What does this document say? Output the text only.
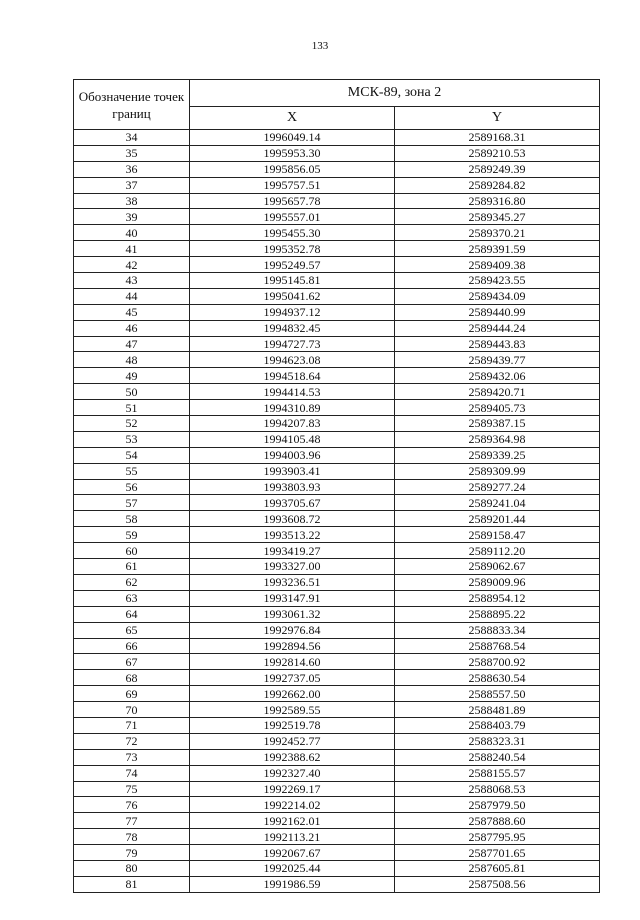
133
Обозначение точек границ	МСК-89, зона 2	
	X	Y
34	1996049.14	2589168.31
35	1995953.30	2589210.53
36	1995856.05	2589249.39
37	1995757.51	2589284.82
38	1995657.78	2589316.80
39	1995557.01	2589345.27
40	1995455.30	2589370.21
41	1995352.78	2589391.59
42	1995249.57	2589409.38
43	1995145.81	2589423.55
44	1995041.62	2589434.09
45	1994937.12	2589440.99
46	1994832.45	2589444.24
47	1994727.73	2589443.83
48	1994623.08	2589439.77
49	1994518.64	2589432.06
50	1994414.53	2589420.71
51	1994310.89	2589405.73
52	1994207.83	2589387.15
53	1994105.48	2589364.98
54	1994003.96	2589339.25
55	1993903.41	2589309.99
56	1993803.93	2589277.24
57	1993705.67	2589241.04
58	1993608.72	2589201.44
59	1993513.22	2589158.47
60	1993419.27	2589112.20
61	1993327.00	2589062.67
62	1993236.51	2589009.96
63	1993147.91	2588954.12
64	1993061.32	2588895.22
65	1992976.84	2588833.34
66	1992894.56	2588768.54
67	1992814.60	2588700.92
68	1992737.05	2588630.54
69	1992662.00	2588557.50
70	1992589.55	2588481.89
71	1992519.78	2588403.79
72	1992452.77	2588323.31
73	1992388.62	2588240.54
74	1992327.40	2588155.57
75	1992269.17	2588068.53
76	1992214.02	2587979.50
77	1992162.01	2587888.60
78	1992113.21	2587795.95
79	1992067.67	2587701.65
80	1992025.44	2587605.81
81	1991986.59	2587508.56
